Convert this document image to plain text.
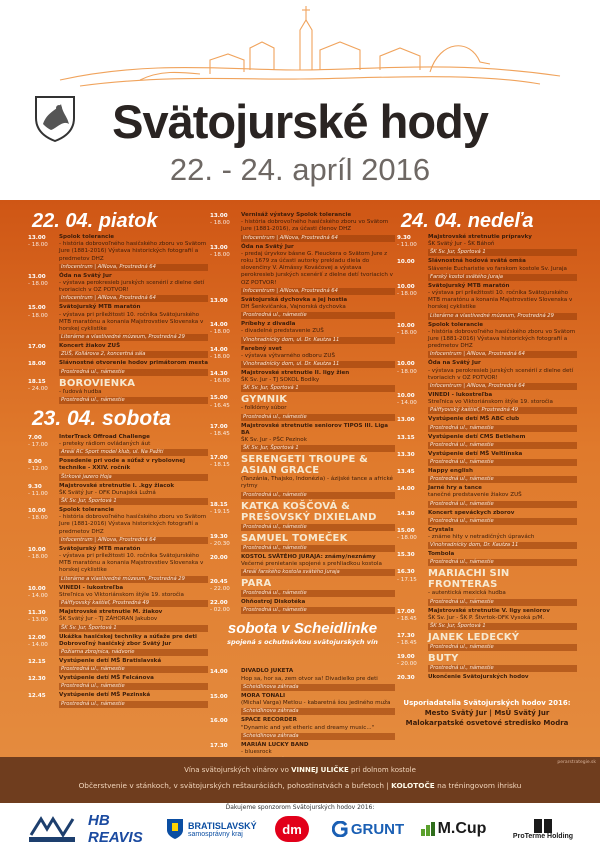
Svätojurské hody
22. - 24. apríl 2016
22. 04. piatok
13.00
- 18.00
Spolok tolerancie
- história dobrovoľného hasičského zboru vo Svätom Jure (1881-2016) Výstava historických fotografií a predmetov DHZ
Infocentrum | AINova, Prostredná 64
13.00
- 18.00
Óda na Svätý Jur
- výstava perokresieb jurských scenérií z dielne detí tvoriacich v OZ POTVOR!
Infocentrum | AINova, Prostredná 64
15.00
- 18.00
Svätojurský MTB maratón
- výstava pri príležitosti 10. ročníka Svätojurského MTB maratónu a konania Majstrovstiev Slovenska v horskej cyklistike
Literárne a vlastivedné múzeum, Prostredná 29
17.00	Koncert žiakov ZUŠ
ZUŠ, Kollárova 2, koncertná sála
18.00	Slávnostné otvorenie hodov primátorom mesta
Prostredná ul., námestie
18.15
- 24.00
BOROVIENKA
- ľudová hudba
Prostredná ul., námestie
23. 04. sobota
7.00
- 17.00
InterTrack Offroad Challenge
- preteky rádiom ovládaných áut
Areál RC Sport model klub, ul. Na Pažiti
8.00
- 12.00
Posedenie pri vode a súťaž v rybolovnej technike - XXIV. ročník
Štrkové jazero Hoja
9.30
- 11.00
Majstrovské stretnutie I. .kgy žiacok
ŠK Svätý Jur - OFK Dunajská Lužná
ŠK Sv. Jur, Športová 1
10.00
- 18.00
Spolok tolerancie
- história dobrovoľného hasičského zboru vo Svätom Jure (1881-2016) Výstava historických fotografií a predmetov DHZ
Infocentrum | AINova, Prostredná 64
10.00
- 18.00
Svätojurský MTB maratón
- výstava pri príležitosti 10. ročníka Svätojurského MTB maratónu a konania Majstrovstiev Slovenska v horskej cyklistike
Literárne a vlastivedné múzeum, Prostredná 29
10.00
- 14.00
VINEDI - lukostreľba
Streľnica vo Viktoriánskom štýle 19. storočia
Pálffyovský kaštieľ, Prostredná 49
11.30
- 13.00
Majstrovské stretnutie M. žiakov
ŠK Svätý Jur - TJ ZÁHORAN Jakubov
ŠK Sv. Jur, Športová 1
12.00
- 14.00
Ukážka hasičskej techniky a súťaže pre deti Dobrovoľný hasičský zbor Svätý Jur
Požiarna zbrojnica, nádvorie
12.15	Vystúpenie detí MŠ Bratislavská
Prostredná ul., námestie
12.30	Vystúpenie detí MŠ Felcánova
Prostredná ul., námestie
12.45	Vystúpenie detí MŠ Pezinská
Prostredná ul., námestie
13.00
- 18.00
Vernisáž výstavy Spolok tolerancie
- história dobrovoľného hasičského zboru vo Svätom Jure (1881-2016), za účasti členov DHZ
Infocentrum | AINova, Prostredná 64
13.00
- 18.00
Óda na Svätý Jur
- predaj úryvkov básne G. Fieuckera o Svätom Jure z roku 1679 za účasti autorky prekladu diela do slovenčiny V. Almássy Kováčovej a výstava perokresieb jurských scenérií z dielne detí tvoriacich v OZ POTVOR!
Infocentrum | AINova, Prostredná 64
13.00	Svätojurská dychovka a jej hostia
DH Šenkvičanka, Vajnorská dychovka
Prostredná ul., námestie
14.00
- 18.00
Príbehy z divadla
- divadelné predstavenie ZUŠ
Vinohradnícky dom, ul. Dr. Kautza 11
14.00
- 18.00
Farebný svet
- výstava výtvarného odboru ZUŠ
Vinohradnícky dom, ul. Dr. Kautza 11
14.30
- 16.00
Majstrovské stretnutie II. ligy žien
ŠK Sv. Jur - TJ SOKOL Bodíky
ŠK Sv. Jur, Športová 1
15.00
- 16.45
GYMNIK
- folklórny súbor
Prostredná ul., námestie
17.00
- 18.45
Majstrovské stretnutie seniorov TIPOS III. Liga BA
ŠK Sv. Jur - PŠC Pezinok
ŠK Sv. Jur, Športová 1
17.00
- 18.15
SERENGETI TROUPE & ASIAN GRACE
(Tanzánia, Thajsko, Indonézia) - ázijské tance a africké rytmy
Prostredná ul., námestie
18.15
- 19.15
KATKA KOŠČOVÁ & PREŠOVSKÝ DIXIELAND
Prostredná ul., námestie
19.30
- 20.30
SAMUEL TOMEČEK
Prostredná ul., námestie
20.00	KOSTOL SVÄTÉHO JURAJA: známy/neznámy
Večerné prenietanie spojené s prehliadkou kostola
Areál farského kostola svätého Juraja
20.45
- 22.00
PARA
Prostredná ul., námestie
22.00
- 02.00
Ohňostroj Diskotéka
Prostredná ul., námestie
sobota v Scheidlinke
spojená s ochutnávkou svätojurských vín
14.00	DIVADLO JUKETA
Hop sa, hor sa, zem otvor sa! Divadielko pre deti
Scheidlinova záhrada
15.00	MORA TONALI
(Michal Varga) Metlou - kabaretná šou jediného muža
Scheidlinova záhrada
16.00	SPACE RECORDER
"Dynamic and yet etheric and dreamy music..."
Scheidlinova záhrada
17.30	MARIÁN LUCKY BAND
- bluesrock
24. 04. nedeľa
9.30
- 11.00
Majstrovské stretnutie prípravky
ŠK Svätý Jur - ŠK Báhoň
ŠK Sv. Jur, Športová 1
10.00	Slávnostná hodová svätá omša
Slávenie Eucharistie vo farskom kostole Sv. Juraja
Farský kostol svätého Juraja
10.00
- 18.00
Svätojurský MTB maratón
- výstava pri príležitosti 10. ročníka Svätojurského MTB maratónu a konania Majstrovstiev Slovenska v horskej cyklistike
Literárne a vlastivedné múzeum, Prostredná 29
10.00
- 18.00
Spolok tolerancie
- história dobrovoľného hasičského zboru vo Svätom Jure (1881-2016) Výstava historických fotografií a predmetov DHZ
Infocentrum | AINova, Prostredná 64
10.00
- 18.00
Óda na Svätý Jur
- výstava perokresieb jurských scenérií z dielne detí tvoriacich v OZ POTVOR!
Infocentrum | AINova, Prostredná 64
10.00
- 14.00
VINEDI - lukostreľba
Streľnica vo Viktoriánskom štýle 19. storočia
Pálffyovský kaštieľ, Prostredná 49
13.00	Vystúpenie detí MŠ ABC club
Prostredná ul., námestie
13.15	Vystúpenie detí CMS Betlehem
Prostredná ul., námestie
13.30	Vystúpenie detí MŠ Veltlínska
Prostredná ul., námestie
13.45	Happy english
Prostredná ul., námestie
14.00	Jarné hry a tance
tanečné predstavenie žiakov ZUŠ
Prostredná ul., námestie
14.30	Koncert speváckych zborov
Prostredná ul., námestie
15.00
- 18.00
Crystals
- známe hity v netradičných úpravách
Vinohradnícky dom, Dr. Kautza 11
15.30	Tombola
Prostredná ul., námestie
16.30
- 17.15
MARIACHI SIN FRONTERAS
- autentická mexická hudba
Prostredná ul., námestie
17.00
- 18.45
Majstrovské stretnutie V. ligy seniorov
ŠK Sv. Jur - ŠK P. Štvrtok-OFK Vysoká p/M.
ŠK Sv. Jur, Športová 1
17.30
- 18.45
JANEK LEDECKÝ
Prostredná ul., námestie
19.00
- 20.00
BUTY
Prostredná ul., námestie
20.30	Ukončenie Svätojurských hodov
Usporiadatelia Svätojurských hodov 2016:
Mesto Svätý Jur | MsÚ Svätý Jur Malokarpatské osvetové stredisko Modra
perarstrategie.sk
Vína svätojurských vinárov vo VINNEJ ULIČKE pri dolnom kostole
Občerstvenie v stánkoch, v svätojurských reštauráciách, pohostinstvách a bufetoch | KOLOTOČE na tréningovom ihrisku
Ďakujeme sponzorom Svätojurských hodov 2016:
HB REAVIS
BRATISLAVSKÝ
samosprávny kraj	dm	GRUNT M.Cup	ProTerme Holding
